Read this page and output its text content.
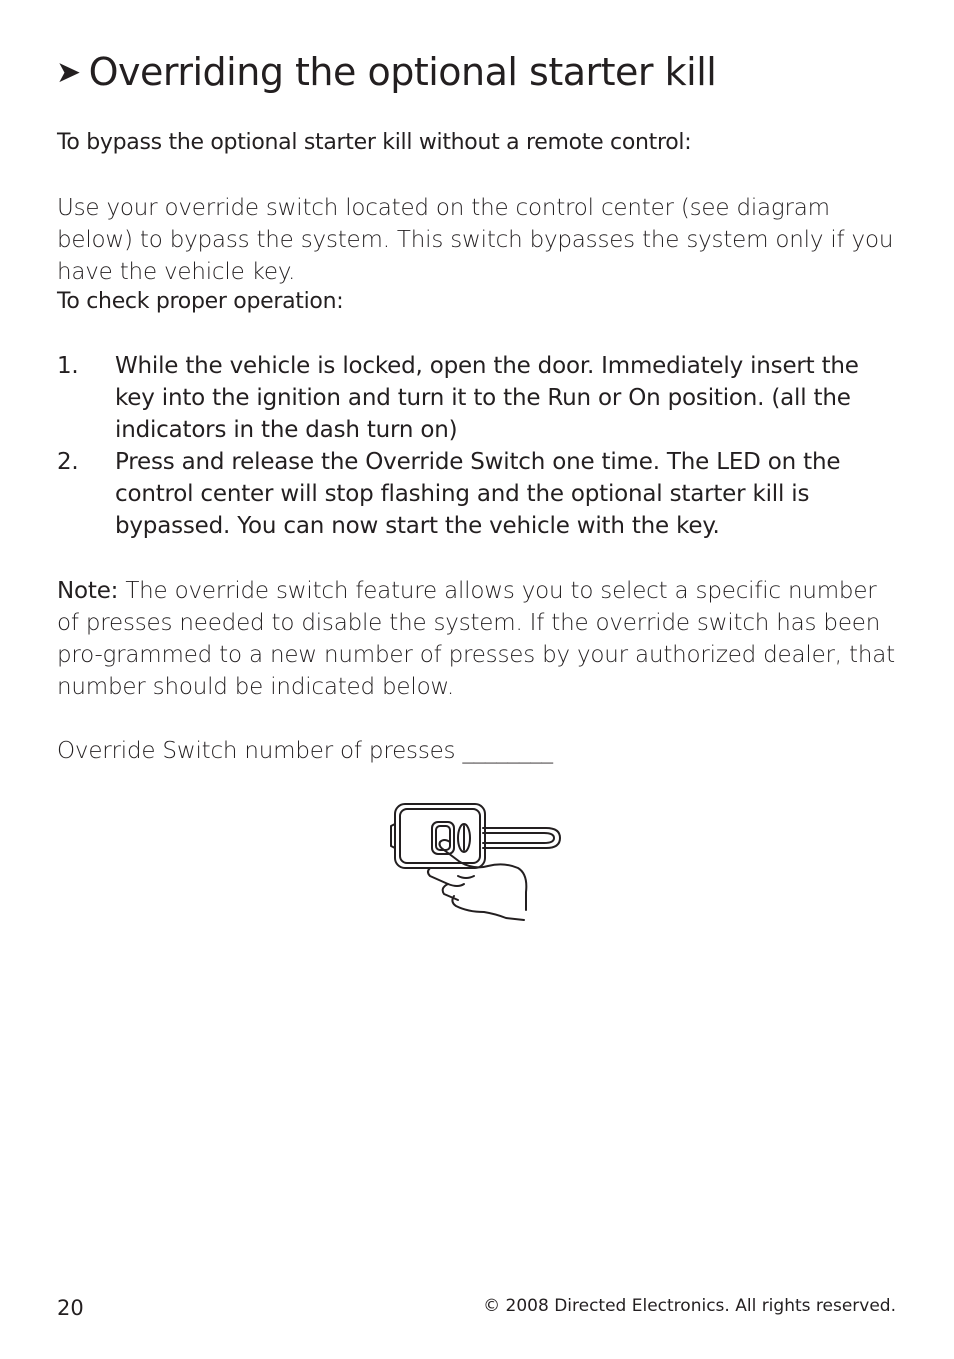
➤ Overriding the optional starter kill

To bypass the optional starter kill without a remote control:

Use your override switch located on the control center (see diagram below) to bypass the system. This switch bypasses the system only if you have the vehicle key.

To check proper operation:

1. While the vehicle is locked, open the door. Immediately insert the key into the ignition and turn it to the Run or On position. (all the indicators in the dash turn on)
2. Press and release the Override Switch one time. The LED on the control center will stop flashing and the optional starter kill is bypassed. You can now start the vehicle with the key.

Note: The override switch feature allows you to select a specific number of presses needed to disable the system. If the override switch has been pro-grammed to a new number of presses by your authorized dealer, that number should be indicated below.

Override Switch number of presses ________

20	© 2008 Directed Electronics. All rights reserved.
